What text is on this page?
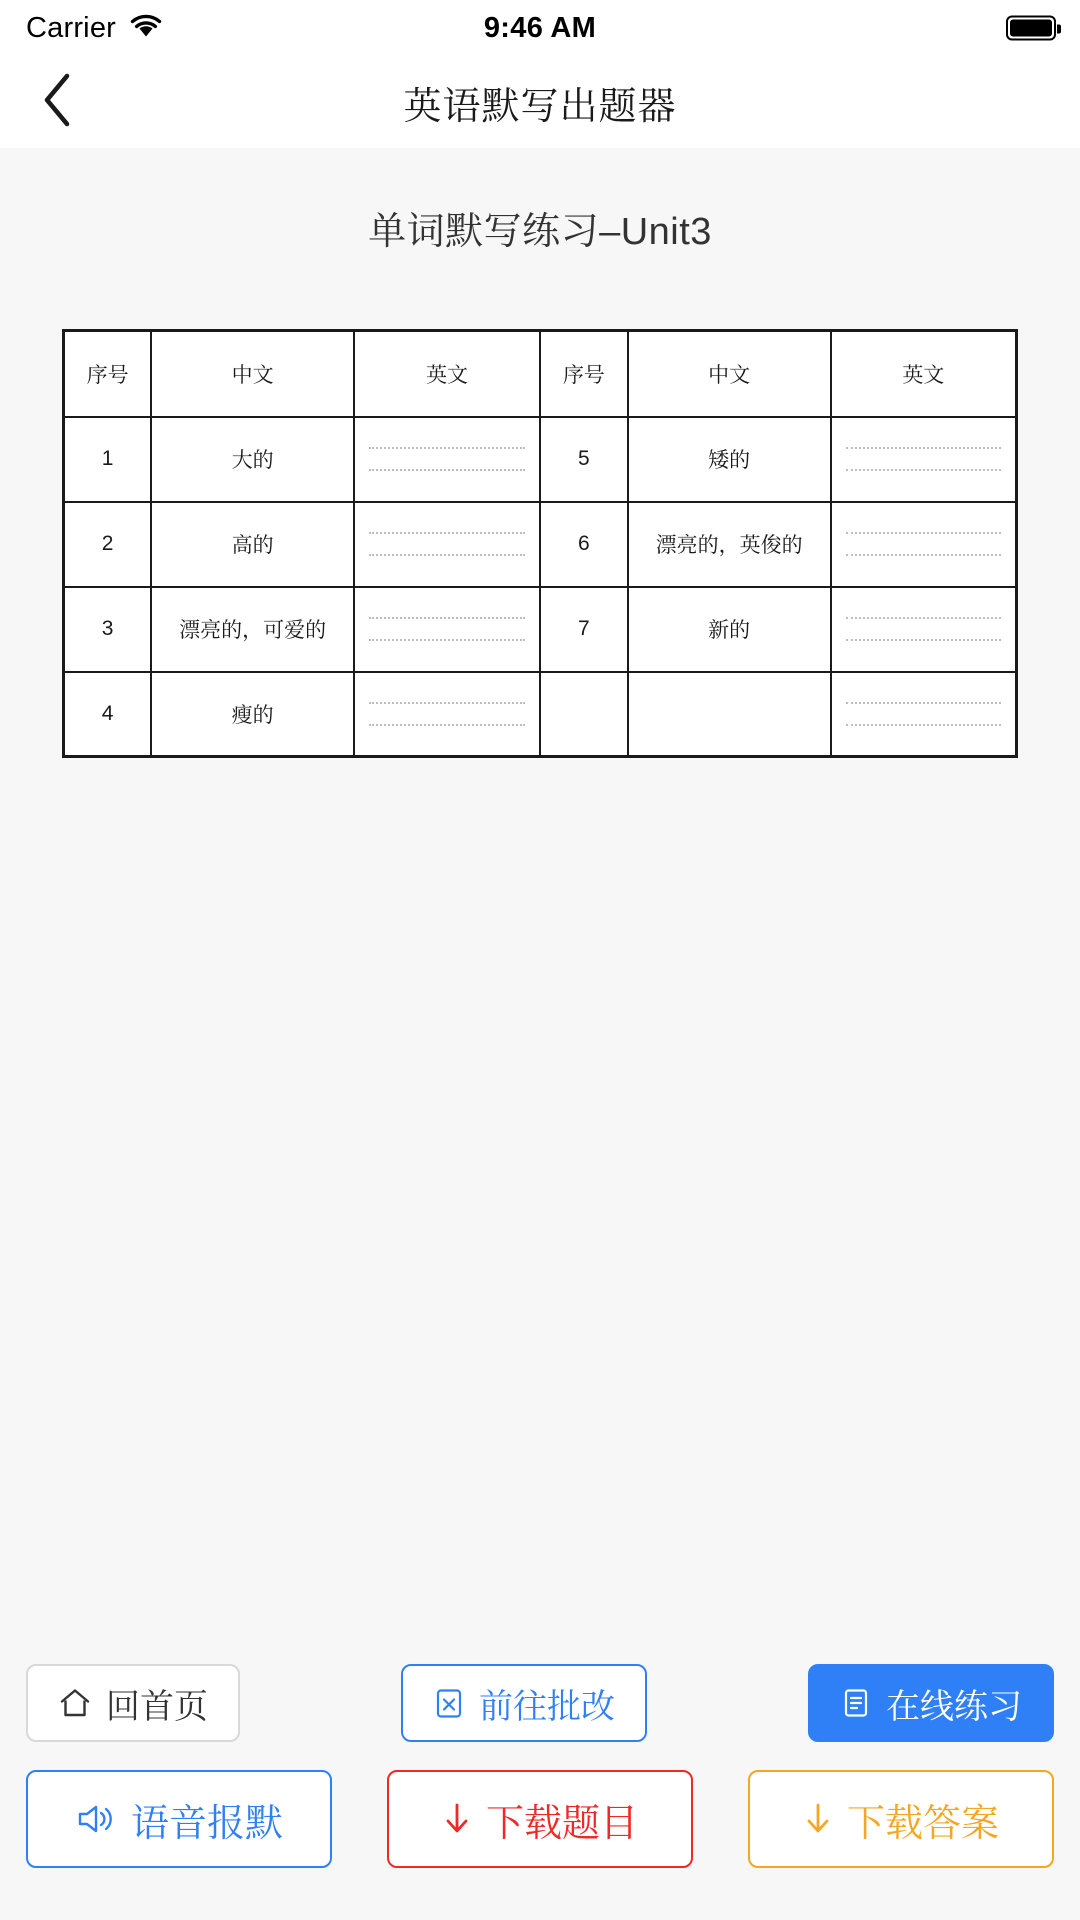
Carrier	9:46 AM
英语默写出题器
单词默写练习–Unit3
序号	中文	英文	序号	中文	英文
1	大的		5	矮的	

2	高的		6	漂亮的，英俊的	

3	漂亮的，可爱的		7	新的	

4	瘦的	

回首页	前往批改	在线练习
语音报默	下载题目	下载答案
